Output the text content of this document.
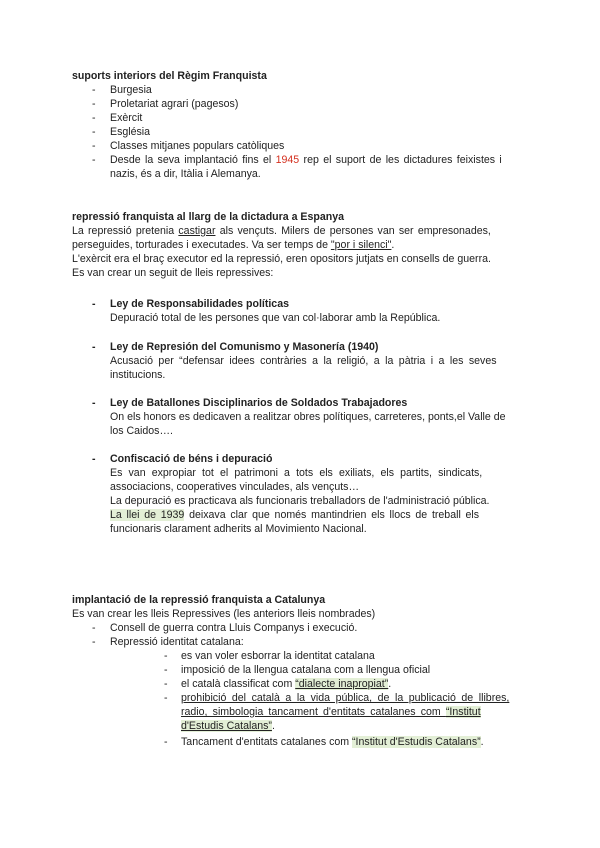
suports interiors del Règim Franquista
- Burgesia
- Proletariat agrari (pagesos)
- Exèrcit
- Església
- Classes mitjanes populars catòliques
- Desde la seva implantació fins el 1945 rep el suport de les dictadures feixistes i
nazis, és a dir, Itàlia i Alemanya.
repressió franquista al llarg de la dictadura a Espanya
La repressió pretenia castigar als vençuts. Milers de persones van ser empresonades,
perseguides, torturades i executades. Va ser temps de "por i silenci".
L'exèrcit era el braç executor ed la repressió, eren opositors jutjats en consells de guerra.
Es van crear un seguit de lleis repressives:
- Ley de Responsabilidades políticas
Depuració total de les persones que van col·laborar amb la República.
- Ley de Represión del Comunismo y Masonería (1940)
Acusació per “defensar idees contràries a la religió, a la pàtria i a les seves
institucions.
- Ley de Batallones Disciplinarios de Soldados Trabajadores
On els honors es dedicaven a realitzar obres polítiques, carreteres, ponts,el Valle de
los Caidos….
- Confiscació de béns i depuració
Es van expropiar tot el patrimoni a tots els exiliats, els partits, sindicats,
associacions, cooperatives vinculades, als vençuts…
La depuració es practicava als funcionaris treballadors de l'administració pública.
La llei de 1939 deixava clar que només mantindrien els llocs de treball els
funcionaris clarament adherits al Movimiento Nacional.
implantació de la repressió franquista a Catalunya
Es van crear les lleis Repressives (les anteriors lleis nombrades)
- Consell de guerra contra Lluis Companys i execució.
- Repressió identitat catalana:
- es van voler esborrar la identitat catalana
- imposició de la llengua catalana com a llengua oficial
- el català classificat com “dialecte inapropiat”.
- prohibició del català a la vida pública, de la publicació de llibres,
radio, simbologia tancament d'entitats catalanes com “Institut
d'Estudis Catalans”.
- Tancament d'entitats catalanes com “Institut d'Estudis Catalans”.
